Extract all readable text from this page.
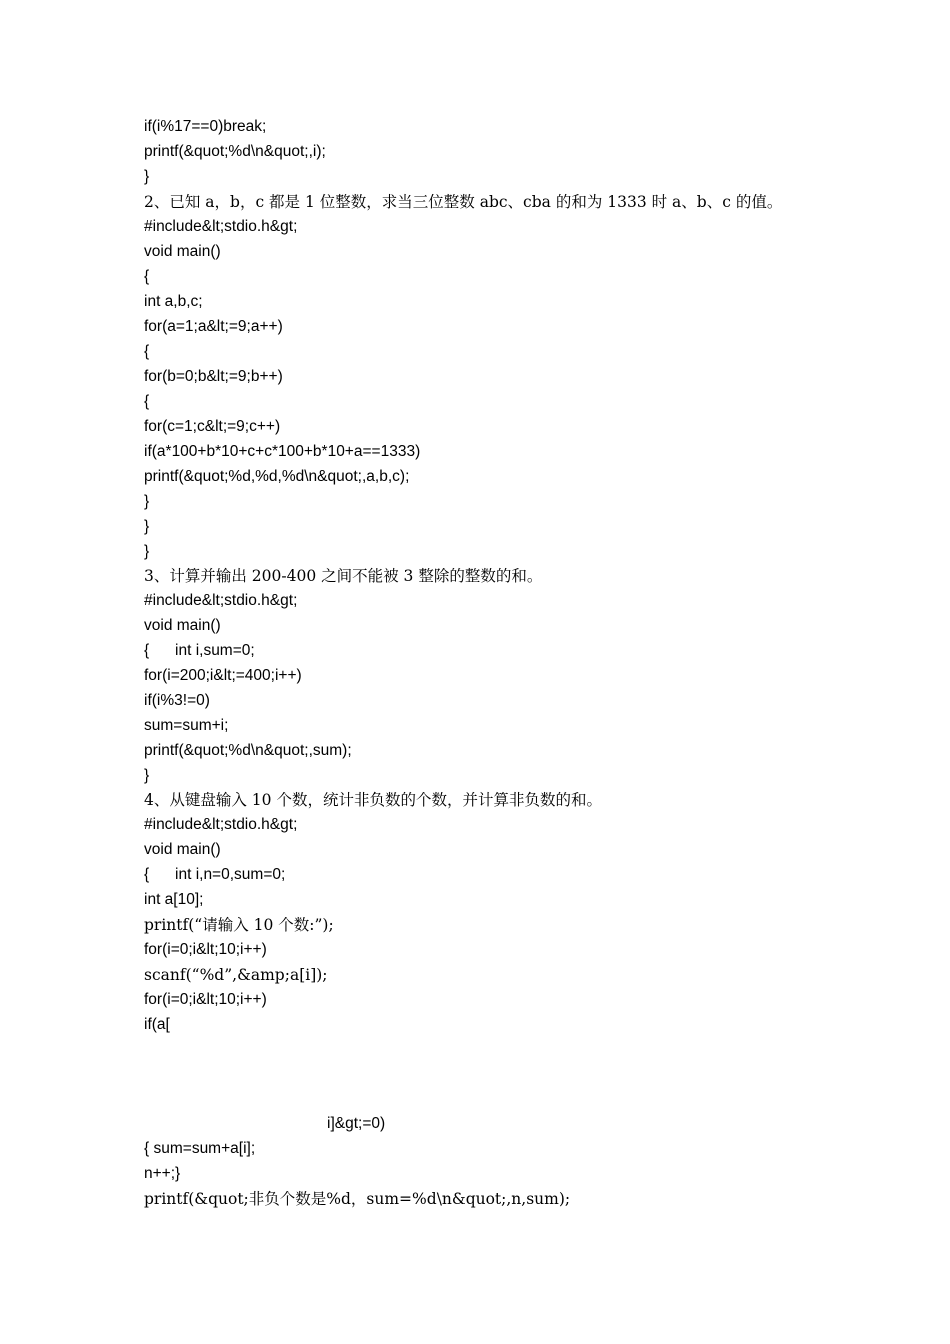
if(i%17==0)break;
printf(&quot;%d\n&quot;,i);
}
2、已知 a，b，c 都是 1 位整数，求当三位整数 abc、cba 的和为 1333 时 a、b、c 的值。
#include&lt;stdio.h&gt;
void main()
{
int a,b,c;
for(a=1;a&lt;=9;a++)
{
for(b=0;b&lt;=9;b++)
{
for(c=1;c&lt;=9;c++)
if(a*100+b*10+c+c*100+b*10+a==1333)
printf(&quot;%d,%d,%d\n&quot;,a,b,c);
}
}
}
3、计算并输出 200-400 之间不能被 3 整除的整数的和。
#include&lt;stdio.h&gt;
void main()
{      int i,sum=0;
for(i=200;i&lt;=400;i++)
if(i%3!=0)
sum=sum+i;
printf(&quot;%d\n&quot;,sum);
}
4、从键盘输入 10 个数，统计非负数的个数，并计算非负数的和。
#include&lt;stdio.h&gt;
void main()
{      int i,n=0,sum=0;
int a[10];
printf(“请输入 10 个数:”);
for(i=0;i&lt;10;i++)
scanf(“%d”,&amp;a[i]);
for(i=0;i&lt;10;i++)
if(a[
i]&gt;=0)
{ sum=sum+a[i];
n++;}
printf(&quot;非负个数是%d，sum=%d\n&quot;,n,sum);
